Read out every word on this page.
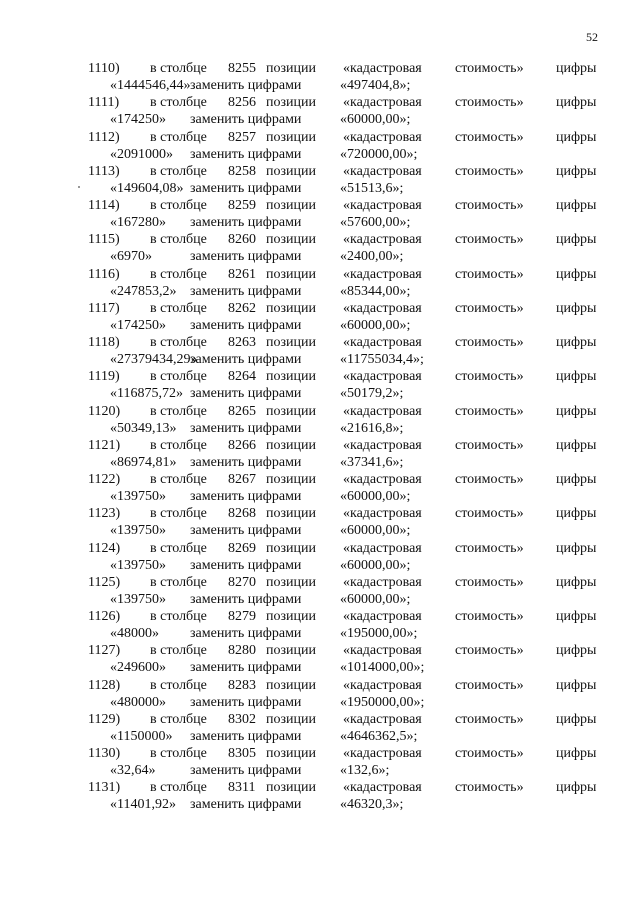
52
1110) в столбце 8255 позиции «кадастровая стоимость» цифры
«1444546,44» заменить цифрами	«497404,8»;
1111) в столбце 8256 позиции «кадастровая стоимость» цифры
«174250» заменить цифрами	«60000,00»;
1112) в столбце 8257 позиции «кадастровая стоимость» цифры
«2091000» заменить цифрами	«720000,00»;
1113) в столбце 8258 позиции «кадастровая стоимость» цифры
«149604,08» заменить цифрами	«51513,6»;
1114) в столбце 8259 позиции «кадастровая стоимость» цифры
«167280» заменить цифрами	«57600,00»;
1115) в столбце 8260 позиции «кадастровая стоимость» цифры
«6970»	заменить цифрами	«2400,00»;
1116) в столбце 8261 позиции «кадастровая стоимость» цифры
«247853,2» заменить цифрами	«85344,00»;
1117) в столбце 8262 позиции «кадастровая стоимость» цифры
«174250» заменить цифрами	«60000,00»;
1118) в столбце 8263 позиции «кадастровая стоимость» цифры
«27379434,29»
заменить цифрами	«11755034,4»;
1119) в столбце 8264 позиции «кадастровая стоимость» цифры
«116875,72» заменить цифрами	«50179,2»;
1120) в столбце 8265 позиции «кадастровая стоимость» цифры
«50349,13» заменить цифрами	«21616,8»;
1121) в столбце 8266 позиции «кадастровая стоимость» цифры
«86974,81» заменить цифрами	«37341,6»;
1122) в столбце 8267 позиции «кадастровая стоимость» цифры
«139750» заменить цифрами	«60000,00»;
1123) в столбце 8268 позиции «кадастровая стоимость» цифры
«139750» заменить цифрами	«60000,00»;
1124) в столбце 8269 позиции «кадастровая стоимость» цифры
«139750» заменить цифрами	«60000,00»;
1125) в столбце 8270 позиции «кадастровая стоимость» цифры
«139750» заменить цифрами	«60000,00»;
1126) в столбце 8279 позиции «кадастровая стоимость» цифры
«48000» заменить цифрами	«195000,00»;
1127) в столбце 8280 позиции «кадастровая стоимость» цифры
«249600» заменить цифрами	«1014000,00»;
1128) в столбце 8283 позиции «кадастровая стоимость» цифры
«480000» заменить цифрами	«1950000,00»;
1129) в столбце 8302 позиции «кадастровая стоимость» цифры
«1150000» заменить цифрами	«4646362,5»;
1130) в столбце 8305 позиции «кадастровая стоимость» цифры
«32,64» заменить цифрами	«132,6»;
1131) в столбце 8311 позиции «кадастровая стоимость» цифры
«11401,92» заменить цифрами	«46320,3»;
